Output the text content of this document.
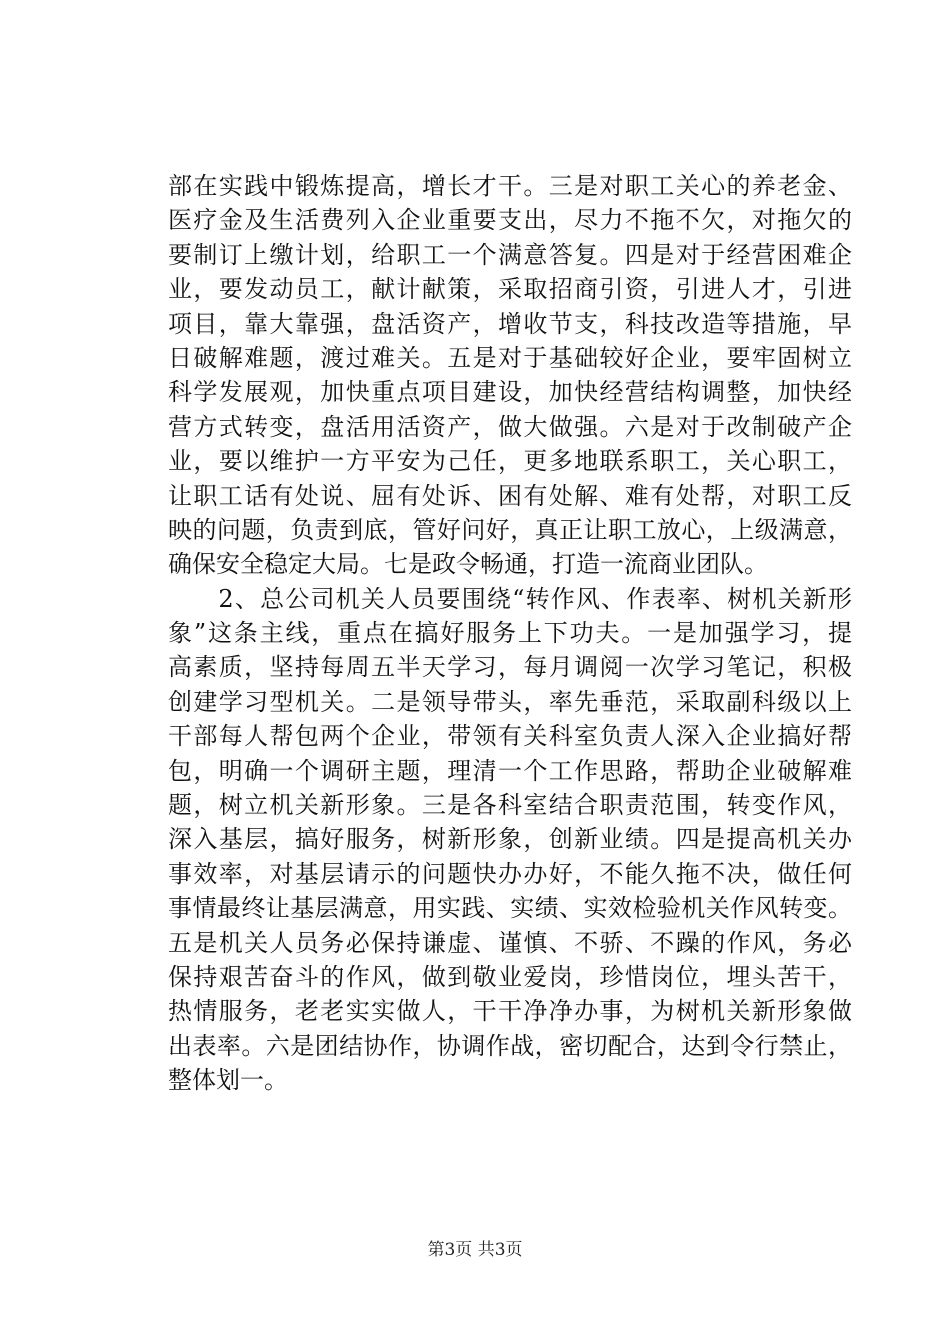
部在实践中锻炼提高，增长才干。三是对职工关心的养老金、
医疗金及生活费列入企业重要支出，尽力不拖不欠，对拖欠的
要制订上缴计划，给职工一个满意答复。四是对于经营困难企
业，要发动员工，献计献策，采取招商引资，引进人才，引进
项目，靠大靠强，盘活资产，增收节支，科技改造等措施，早
日破解难题，渡过难关。五是对于基础较好企业，要牢固树立
科学发展观，加快重点项目建设，加快经营结构调整，加快经
营方式转变，盘活用活资产，做大做强。六是对于改制破产企
业，要以维护一方平安为己任，更多地联系职工，关心职工，
让职工话有处说、屈有处诉、困有处解、难有处帮，对职工反
映的问题，负责到底，管好问好，真正让职工放心，上级满意，
确保安全稳定大局。七是政令畅通，打造一流商业团队。
　　2、总公司机关人员要围绕“转作风、作表率、树机关新形
象”这条主线，重点在搞好服务上下功夫。一是加强学习，提
高素质，坚持每周五半天学习，每月调阅一次学习笔记，积极
创建学习型机关。二是领导带头，率先垂范，采取副科级以上
干部每人帮包两个企业，带领有关科室负责人深入企业搞好帮
包，明确一个调研主题，理清一个工作思路，帮助企业破解难
题，树立机关新形象。三是各科室结合职责范围，转变作风，
深入基层，搞好服务，树新形象，创新业绩。四是提高机关办
事效率，对基层请示的问题快办办好，不能久拖不决，做任何
事情最终让基层满意，用实践、实绩、实效检验机关作风转变。
五是机关人员务必保持谦虚、谨慎、不骄、不躁的作风，务必
保持艰苦奋斗的作风，做到敬业爱岗，珍惜岗位，埋头苦干，
热情服务，老老实实做人，干干净净办事，为树机关新形象做
出表率。六是团结协作，协调作战，密切配合，达到令行禁止，
整体划一。
第3页 共3页
